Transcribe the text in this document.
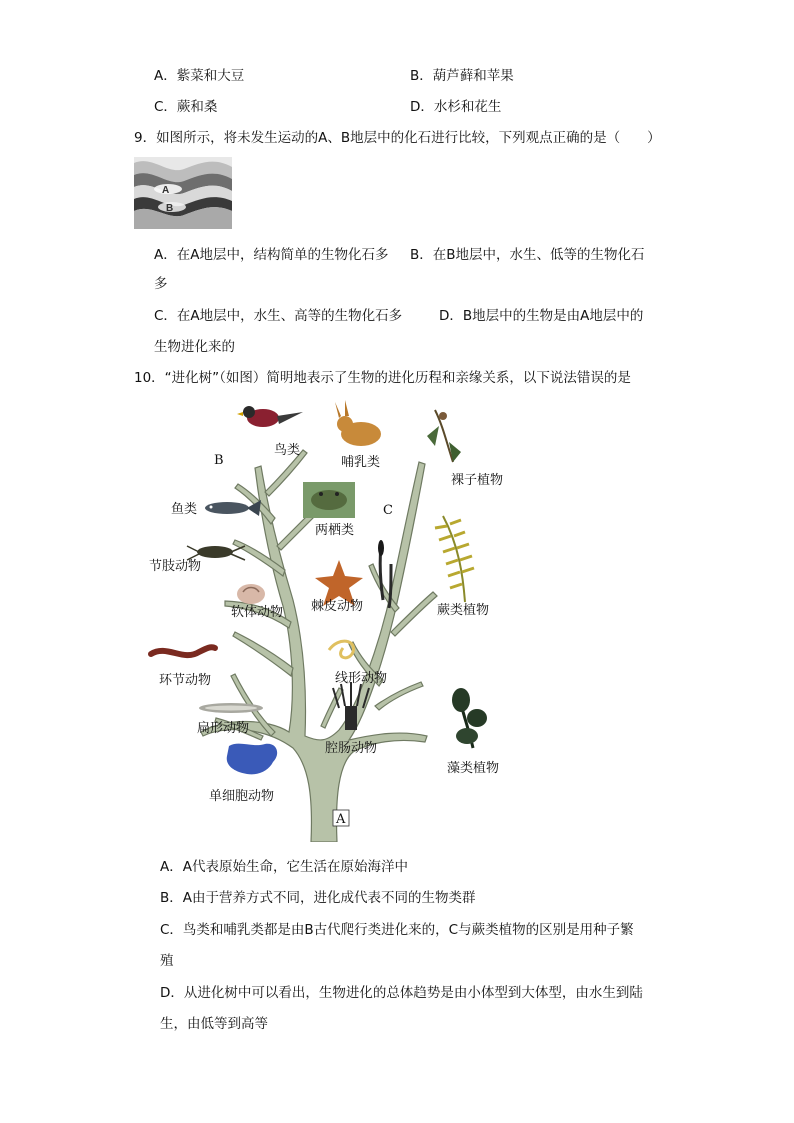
A．紫菜和大豆	B．葫芦藓和苹果
C．蕨和桑	D．水杉和花生
9．如图所示，将未发生运动的A、B地层中的化石进行比较，下列观点正确的是（　　）
A
B
A．在A地层中，结构简单的生物化石多 B．在B地层中，水生、低等的生物化石
多
C．在A地层中，水生、高等的生物化石多	D．B地层中的生物是由A地层中的
生物进化来的
10．“进化树”（如图）简明地表示了生物的进化历程和亲缘关系，以下说法错误的是
鸟类
哺乳类
裸子植物
鱼类
两栖类
节肢动物
软体动物 棘皮动物	蕨类植物
环节动物	线形动物
扁形动物
腔肠动物
藻类植物
单细胞动物
B
C
A
A．A代表原始生命，它生活在原始海洋中
B．A由于营养方式不同，进化成代表不同的生物类群
C．鸟类和哺乳类都是由B古代爬行类进化来的，C与蕨类植物的区别是用种子繁
殖
D．从进化树中可以看出，生物进化的总体趋势是由小体型到大体型，由水生到陆
生，由低等到高等
